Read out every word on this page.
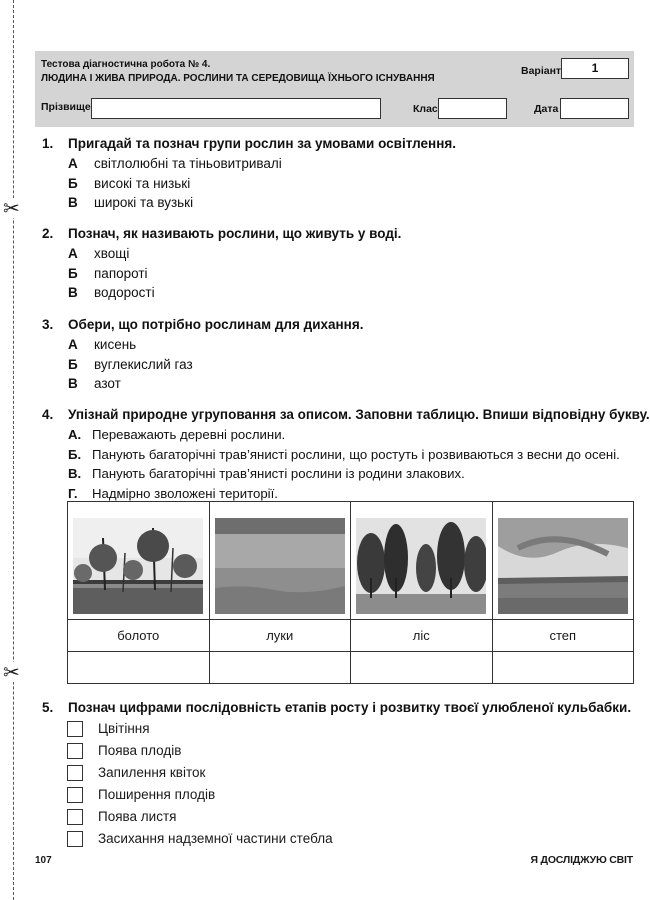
✂
✂
Тестова діагностична робота № 4.
ЛЮДИНА І ЖИВА ПРИРОДА. РОСЛИНИ ТА СЕРЕДОВИЩА ЇХНЬОГО ІСНУВАННЯ
Варіант	1
Прізвище	Клас	Дата
1. Пригадай та познач групи рослин за умовами освітлення.
А світлолюбні та тіньовитривалі
Б високі та низькі
В широкі та вузькі
2. Познач, як називають рослини, що живуть у воді.
А хвощі
Б папороті
В водорості
3. Обери, що потрібно рослинам для дихання.
А кисень
Б вуглекислий газ
В азот
4. Упізнай природне угруповання за описом. Заповни таблицю. Впиши відповідну букву.
А. Переважають деревні рослини.
Б. Панують багаторічні трав’янисті рослини, що ростуть і розвиваються з весни до осені.
В. Панують багаторічні трав’янисті рослини із родини злакових.
Г. Надмірно зволожені території.

болото	луки	ліс	степ

5. Познач цифрами послідовність етапів росту і розвитку твоєї улюбленої кульбабки.
Цвітіння
Поява плодів
Запилення квіток
Поширення плодів
Поява листя
Засихання надземної частини стебла
107	Я ДОСЛІДЖУЮ СВІТ
